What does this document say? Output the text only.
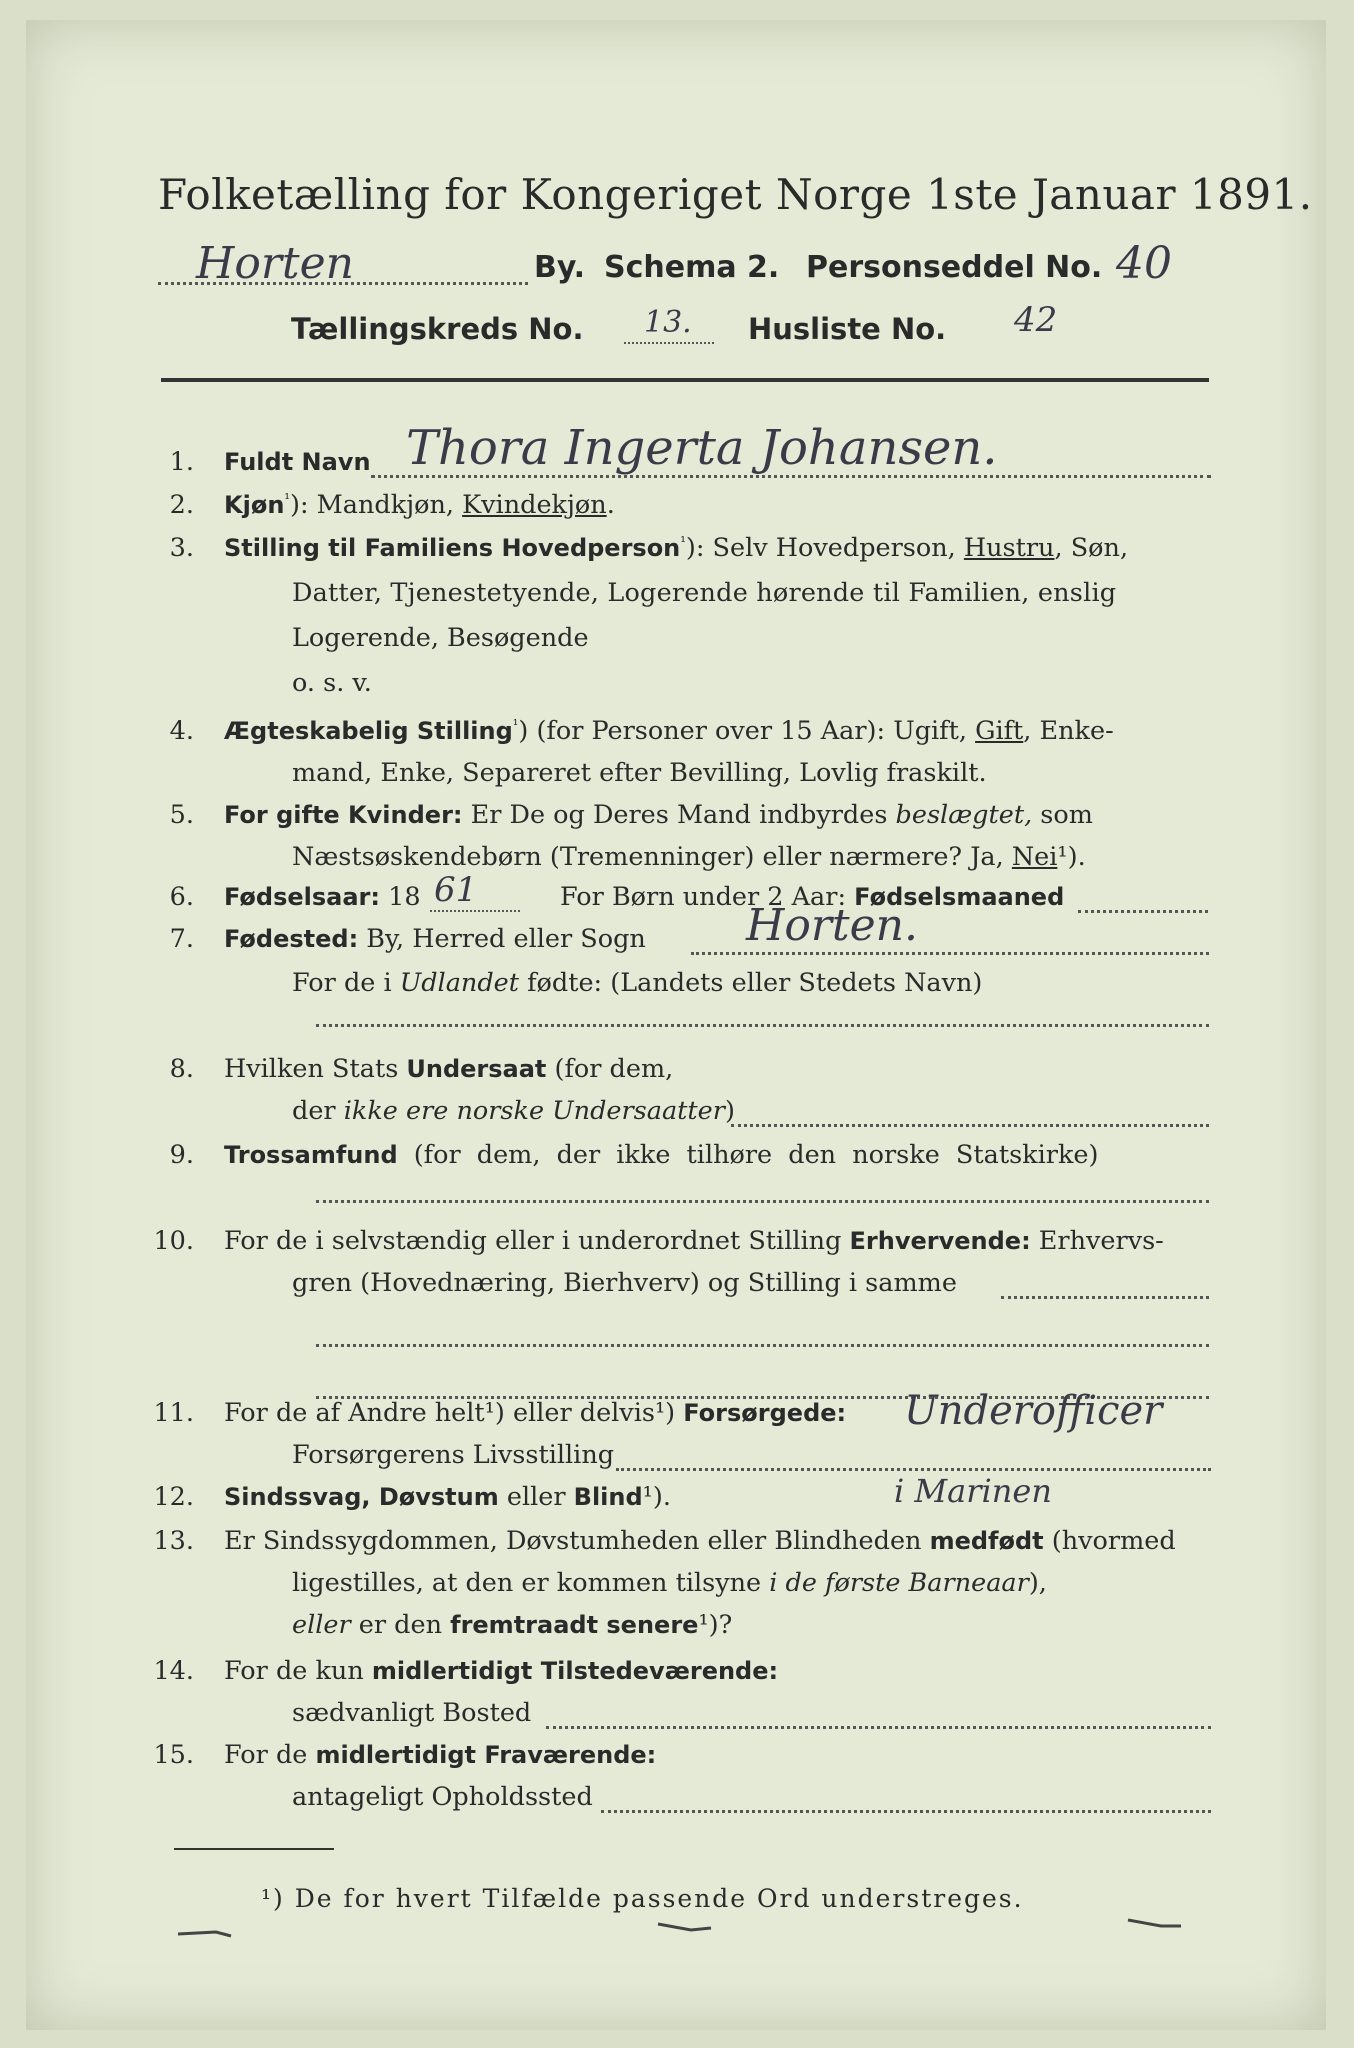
Folketælling for Kongeriget Norge 1ste Januar 1891.
Horten	By. Schema 2. Personseddel No. 40
Tællingskreds No. 13. Husliste No. 42
1. Fuldt Navn Thora Ingerta Johansen.
2. Kjøn$^{^1}$): Mandkjøn, Kvindekjøn.
3. Stilling til Familiens Hovedperson$^{^1}$): Selv Hovedperson, Hustru, Søn,
Datter, Tjenestetyende, Logerende hørende til Familien, enslig
Logerende, Besøgende
o. s. v.
4. Ægteskabelig Stilling$^{^1}$) (for Personer over 15 Aar): Ugift, Gift, Enke-
mand, Enke, Separeret efter Bevilling, Lovlig fraskilt.
5. For gifte Kvinder: Er De og Deres Mand indbyrdes beslægtet, som
Næstsøskendebørn (Tremenninger) eller nærmere? Ja, Nei¹).
6. Fødselsaar: 18 61	For Børn under 2 Aar: Fødselsmaaned
7. Fødested: By, Herred eller Sogn Horten.
For de i Udlandet fødte: (Landets eller Stedets Navn)
8. Hvilken Stats Undersaat (for dem,
der ikke ere norske Undersaatter)
9. Trossamfund (for dem, der ikke tilhøre den norske Statskirke)
10. For de i selvstændig eller i underordnet Stilling Erhvervende: Erhvervs-
gren (Hovednæring, Bierhverv) og Stilling i samme
11. For de af Andre helt¹) eller delvis¹) Forsørgede:
Forsørgerens Livsstilling
Underofficer
i Marinen
12. Sindssvag, Døvstum eller Blind¹).
13. Er Sindssygdommen, Døvstumheden eller Blindheden medfødt (hvormed
ligestilles, at den er kommen tilsyne i de første Barneaar),
eller er den fremtraadt senere¹)?
14. For de kun midlertidigt Tilstedeværende:
sædvanligt Bosted
15. For de midlertidigt Fraværende:
antageligt Opholdssted
¹) De for hvert Tilfælde passende Ord understreges.
